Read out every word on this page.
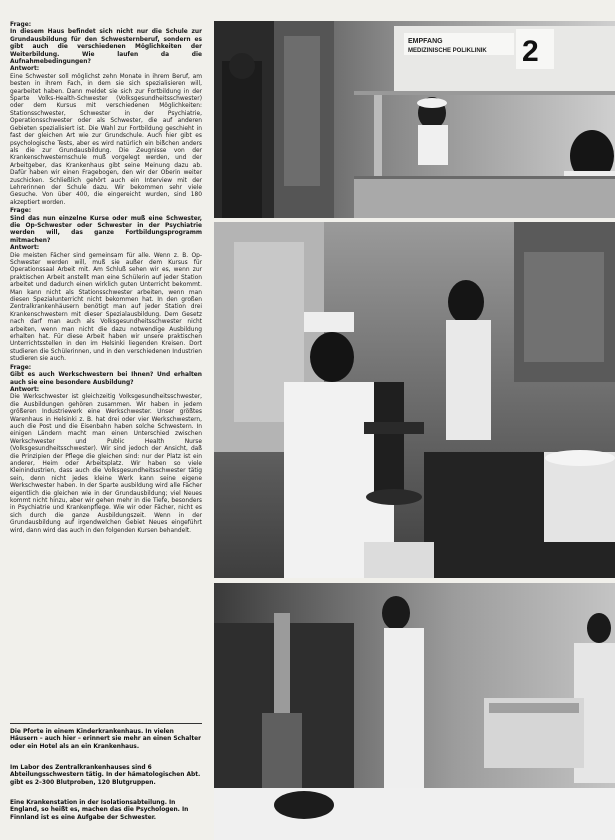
Frage:

In diesem Haus befindet sich nicht nur die Schule zur Grundausbildung für den Schwesternberuf, sondern es gibt auch die verschiedenen Möglichkeiten der Weiterbildung. Wie laufen da die Aufnahmebedingungen?

Antwort:

Eine Schwester soll möglichst zehn Monate in ihrem Beruf, am besten in ihrem Fach, in dem sie sich spezialisieren will, gearbeitet haben. Dann meldet sie sich zur Fortbildung in der Sparte Volks-Health-Schwester (Volksgesundheitsschwester) oder dem Kursus mit verschiedenen Möglichkeiten: Stationsschwester, Schwester in der Psychiatrie, Operationsschwester oder als Schwester, die auf anderen Gebieten spezialisiert ist. Die Wahl zur Fortbildung geschieht in fast der gleichen Art wie zur Grundschule. Auch hier gibt es psychologische Tests, aber es wird natürlich ein bißchen anders als die zur Grundausbildung. Die Zeugnisse von der Krankenschwesternschule muß vorgelegt werden, und der Arbeitgeber, das Krankenhaus gibt seine Meinung dazu ab. Dafür haben wir einen Fragebogen, den wir der Oberin weiter zuschicken. Schließlich gehört auch ein Interview mit der Lehrerinnen der Schule dazu. Wir bekommen sehr viele Gesuche. Von über 400, die eingereicht wurden, sind 180 akzeptiert worden.

Frage:

Sind das nun einzelne Kurse oder muß eine Schwester, die Op-Schwester oder Schwester in der Psychiatrie werden will, das ganze Fortbildungsprogramm mitmachen?

Antwort:

Die meisten Fächer sind gemeinsam für alle. Wenn z. B. Op-Schwester werden will, muß sie außer dem Kursus für Operationssaal Arbeit mit. Am Schluß sehen wir es, wenn zur praktischen Arbeit anstellt man eine Schülerin auf jeder Station arbeitet und dadurch einen wirklich guten Unterricht bekommt. Man kann nicht als Stationsschwester arbeiten, wenn man diesen Spezialunterricht nicht bekommen hat. In den großen Zentralkrankenhäusern benötigt man auf jeder Station drei Krankenschwestern mit dieser Spezialausbildung. Dem Gesetz nach darf man auch als Volksgesundheitsschwester nicht arbeiten, wenn man nicht die dazu notwendige Ausbildung erhalten hat. Für diese Arbeit haben wir unsere praktischen Unterrichtsstellen in den im Helsinki liegenden Kreisen. Dort studieren die Schülerinnen, und in den verschiedenen Industrien studieren sie auch.

Frage:

Gibt es auch Werkschwestern bei Ihnen? Und erhalten auch sie eine besondere Ausbildung?

Antwort:

Die Werkschwester ist gleichzeitig Volksgesundheitsschwester, die Ausbildungen gehören zusammen. Wir haben in jedem größeren Industriewerk eine Werkschwester. Unser größtes Warenhaus in Helsinki z. B. hat drei oder vier Werkschwestern, auch die Post und die Eisenbahn haben solche Schwestern. In einigen Ländern macht man einen Unterschied zwischen Werkschwester und Public Health Nurse (Volksgesundheitsschwester). Wir sind jedoch der Ansicht, daß die Prinzipien der Pflege die gleichen sind: nur der Platz ist ein anderer, Heim oder Arbeitsplatz. Wir haben so viele Kleinindustrien, dass auch die Volksgesundheitsschwester tätig sein, denn nicht jedes kleine Werk kann seine eigene Werkschwester haben. In der Sparte ausbildung wird alle Fächer eigentlich die gleichen wie in der Grundausbildung; viel Neues kommt nicht hinzu, aber wir gehen mehr in die Tiefe, besonders in Psychiatrie und Krankenpflege. Wie wir oder Fächer, nicht es sich durch die ganze Ausbildungszeit. Wenn in der Grundausbildung auf irgendwelchen Gebiet Neues eingeführt wird, dann wird das auch in den folgenden Kursen behandelt.

Die Pforte in einem Kinderkrankenhaus. In vielen Häusern – auch hier – erinnert sie mehr an einen Schalter oder ein Hotel als an ein Krankenhaus.
Im Labor des Zentralkrankenhauses sind 6 Abteilungsschwestern tätig. In der hämatologischen Abt. gibt es 2–300 Blutproben, 120 Blutgruppen.
Eine Krankenstation in der Isolationsabteilung. In England, so heißt es, machen das die Psychologen. In Finnland ist es eine Aufgabe der Schwester.
EMPFANG
MEDIZINISCHE POLIKLINIK 2
